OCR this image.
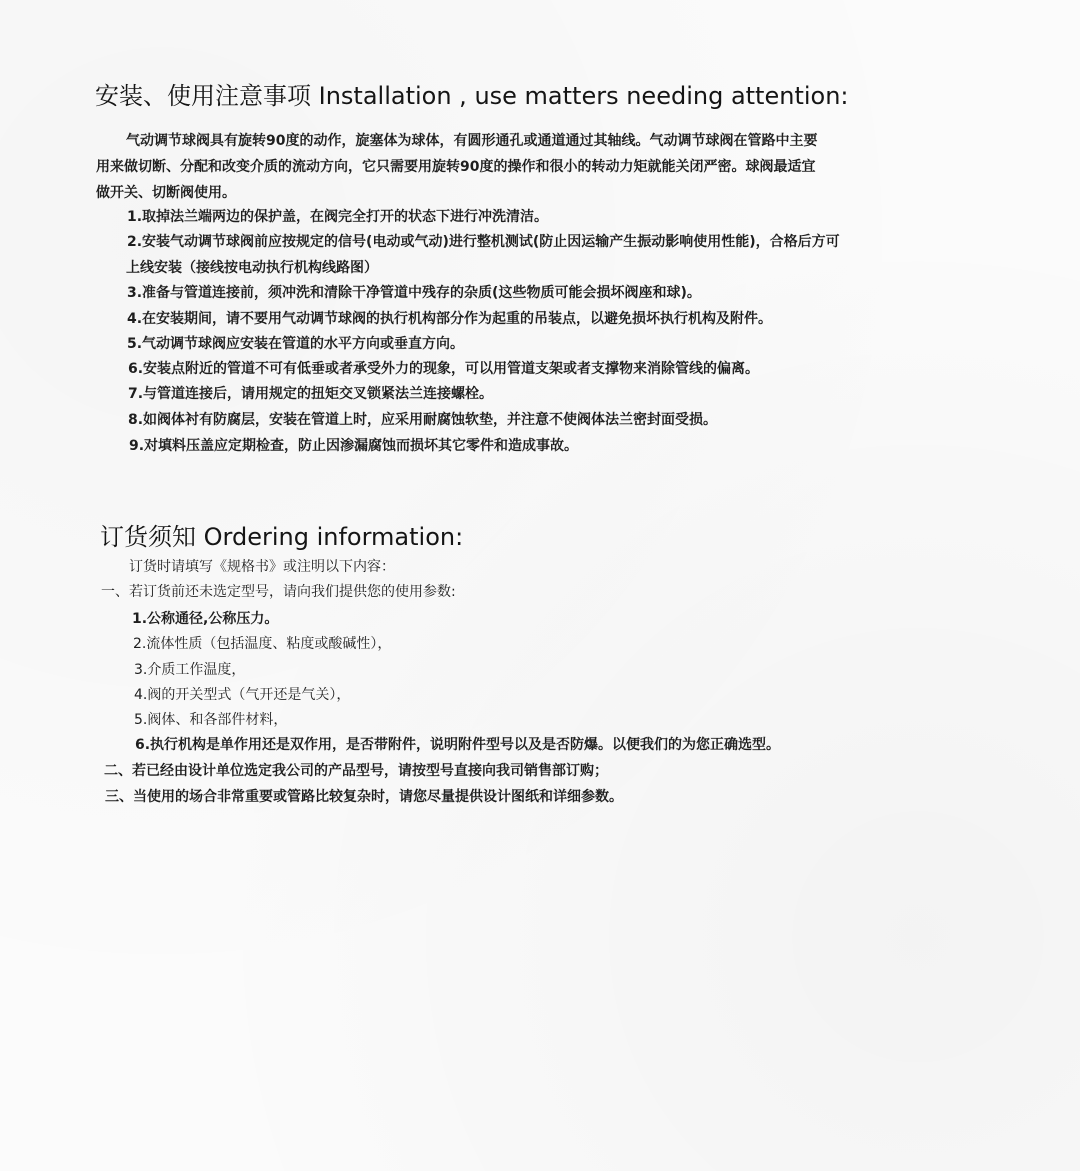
安装、使用注意事项 Installation , use matters needing attention:

气动调节球阀具有旋转90度的动作，旋塞体为球体，有圆形通孔或通道通过其轴线。气动调节球阀在管路中主要

用来做切断、分配和改变介质的流动方向，它只需要用旋转90度的操作和很小的转动力矩就能关闭严密。球阀最适宜

做开关、切断阀使用。

1.取掉法兰端两边的保护盖，在阀完全打开的状态下进行冲洗清洁。

2.安装气动调节球阀前应按规定的信号(电动或气动)进行整机测试(防止因运输产生振动影响使用性能)，合格后方可

上线安装（接线按电动执行机构线路图）

3.准备与管道连接前，须冲洗和清除干净管道中残存的杂质(这些物质可能会损坏阀座和球)。

4.在安装期间，请不要用气动调节球阀的执行机构部分作为起重的吊装点，以避免损坏执行机构及附件。

5.气动调节球阀应安装在管道的水平方向或垂直方向。

6.安装点附近的管道不可有低垂或者承受外力的现象，可以用管道支架或者支撑物来消除管线的偏离。

7.与管道连接后，请用规定的扭矩交叉锁紧法兰连接螺栓。

8.如阀体衬有防腐层，安装在管道上时，应采用耐腐蚀软垫，并注意不使阀体法兰密封面受损。

9.对填料压盖应定期检查，防止因渗漏腐蚀而损坏其它零件和造成事故。

订货须知 Ordering information:

订货时请填写《规格书》或注明以下内容：

一、若订货前还未选定型号，请向我们提供您的使用参数:

1.公称通径,公称压力。

2.流体性质（包括温度、粘度或酸碱性），

3.介质工作温度，

4.阀的开关型式（气开还是气关），

5.阀体、和各部件材料，

6.执行机构是单作用还是双作用，是否带附件，说明附件型号以及是否防爆。以便我们的为您正确选型。

二、若已经由设计单位选定我公司的产品型号，请按型号直接向我司销售部订购；

三、当使用的场合非常重要或管路比较复杂时，请您尽量提供设计图纸和详细参数。
